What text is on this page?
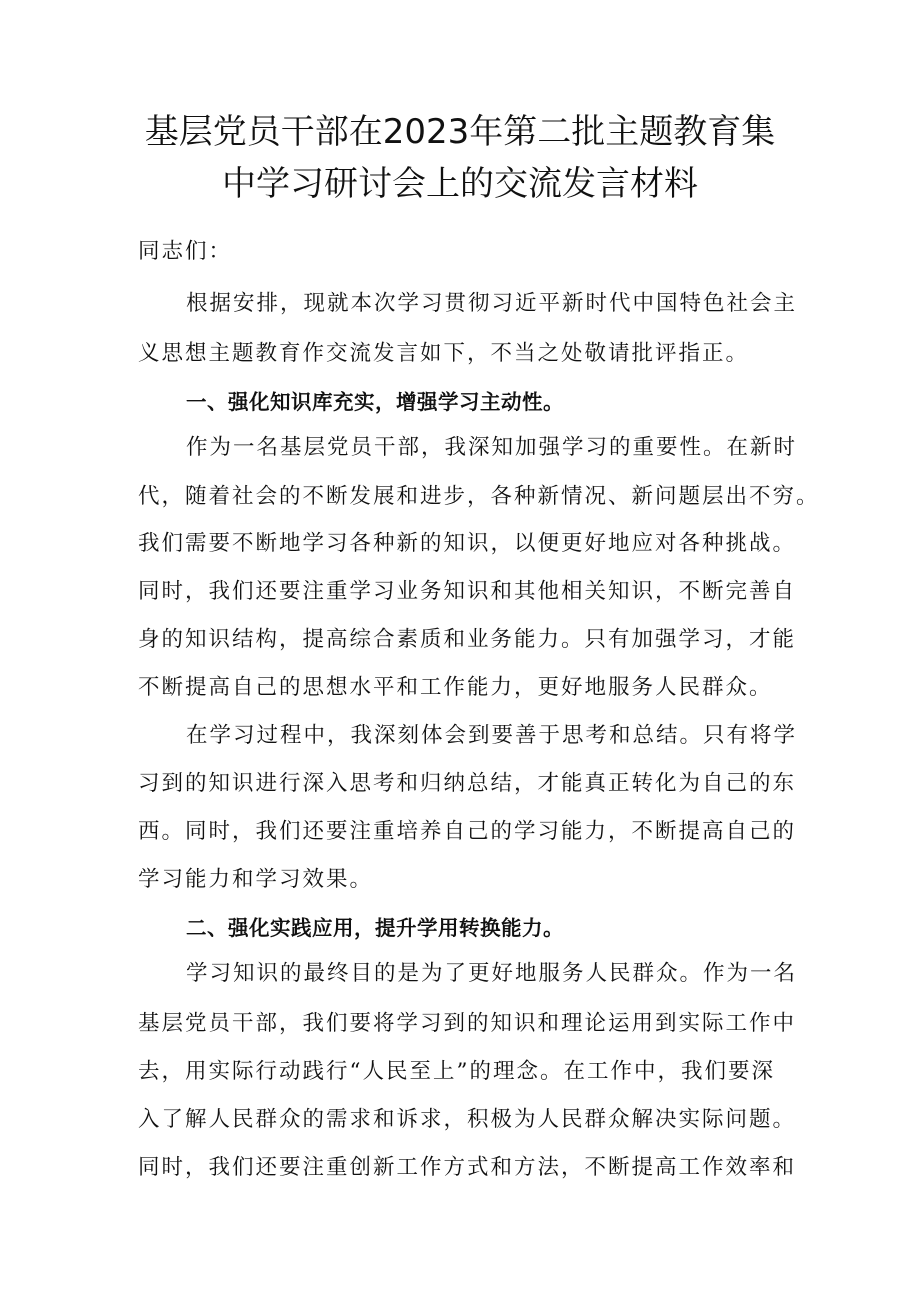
基层党员干部在2023年第二批主题教育集
中学习研讨会上的交流发言材料

同志们：

根据安排，现就本次学习贯彻习近平新时代中国特色社会主

义思想主题教育作交流发言如下，不当之处敬请批评指正。

一、强化知识库充实，增强学习主动性。

作为一名基层党员干部，我深知加强学习的重要性。在新时

代，随着社会的不断发展和进步，各种新情况、新问题层出不穷。

我们需要不断地学习各种新的知识，以便更好地应对各种挑战。

同时，我们还要注重学习业务知识和其他相关知识，不断完善自

身的知识结构，提高综合素质和业务能力。只有加强学习，才能

不断提高自己的思想水平和工作能力，更好地服务人民群众。

在学习过程中，我深刻体会到要善于思考和总结。只有将学

习到的知识进行深入思考和归纳总结，才能真正转化为自己的东

西。同时，我们还要注重培养自己的学习能力，不断提高自己的

学习能力和学习效果。

二、强化实践应用，提升学用转换能力。

学习知识的最终目的是为了更好地服务人民群众。作为一名

基层党员干部，我们要将学习到的知识和理论运用到实际工作中

去，用实际行动践行“人民至上”的理念。在工作中，我们要深

入了解人民群众的需求和诉求，积极为人民群众解决实际问题。

同时，我们还要注重创新工作方式和方法，不断提高工作效率和
